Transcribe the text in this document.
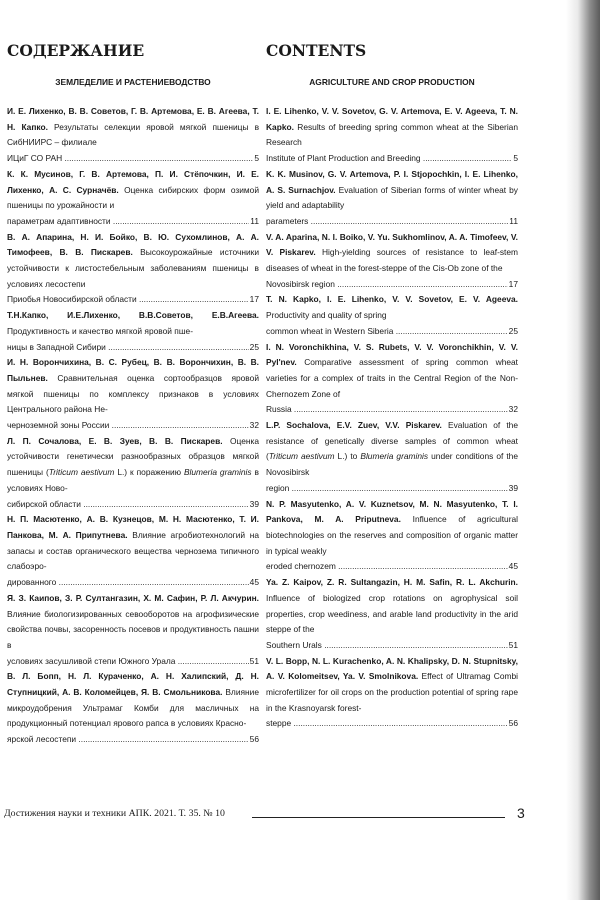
СОДЕРЖАНИЕ
ЗЕМЛЕДЕЛИЕ И РАСТЕНИЕВОДСТВО
И. Е. Лихенко, В. В. Советов, Г. В. Артемова, Е. В. Агеева, Т. Н. Капко. Результаты селекции яровой мягкой пшеницы в СибНИИРС – филиале
ИЦиГ СО РАН .....	5
К. К. Мусинов, Г. В. Артемова, П. И. Стёпочкин, И. Е. Лихенко, А. С. Сурначёв. Оценка сибирских форм озимой пшеницы по урожайности и
параметрам адаптивности .....	11
В. А. Апарина, Н. И. Бойко, В. Ю. Сухомлинов, А. А. Тимофеев, В. В. Пискарев. Высокоурожайные источники устойчивости к листостебельным заболеваниям пшеницы в условиях лесостепи
Приобья Новосибирской области .....	17
Т.Н.Капко, И.Е.Лихенко, В.В.Советов, Е.В.Агеева. Продуктивность и качество мягкой яровой пше-
ницы в Западной Сибири .....	25
И. Н. Ворончихина, В. С. Рубец, В. В. Ворончихин, В. В. Пыльнев. Сравнительная оценка сортообразцов яровой мягкой пшеницы по комплексу признаков в условиях Центрального района Не-
черноземной зоны России .....	32
Л. П. Сочалова, Е. В. Зуев, В. В. Пискарев. Оценка устойчивости генетически разнообразных образцов мягкой пшеницы (Triticum aestivum L.) к поражению Blumeria graminis в условиях Ново-
сибирской области .....	39
Н. П. Масютенко, А. В. Кузнецов, М. Н. Масютенко, Т. И. Панкова, М. А. Припутнева. Влияние агробиотехнологий на запасы и состав органического вещества чернозема типичного слабоэро-
дированного .....	45
Я. З. Каипов, З. Р. Султангазин, Х. М. Сафин, Р. Л. Акчурин. Влияние биологизированных севооборотов на агрофизические свойства почвы, засоренность посевов и продуктивность пашни в
условиях засушливой степи Южного Урала .....	51
В. Л. Бопп, Н. Л. Кураченко, А. Н. Халипский, Д. Н. Ступницкий, А. В. Коломейцев, Я. В. Смольникова. Влияние микроудобрения Ультрамаг Комби для масличных на продукционный потенциал ярового рапса в условиях Красно-
ярской лесостепи .....	56
CONTENTS
AGRICULTURE AND CROP PRODUCTION
I. E. Lihenko, V. V. Sovetov, G. V. Artemova, E. V. Ageeva, T. N. Kapko. Results of breeding spring common wheat at the Siberian Research
Institute of Plant Production and Breeding .....	5
K. K. Musinov, G. V. Artemova, P. I. Stjopochkin, I. E. Lihenko, A. S. Surnachjov. Evaluation of Siberian forms of winter wheat by yield and adaptability
parameters .....	11
V. A. Aparina, N. I. Boiko, V. Yu. Sukhomlinov, A. A. Timofeev, V. V. Piskarev. High-yielding sources of resistance to leaf-stem diseases of wheat in the forest-steppe of the Cis-Ob zone of the
Novosibirsk region .....	17
T. N. Kapko, I. E. Lihenko, V. V. Sovetov, E. V. Ageeva. Productivity and quality of spring
common wheat in Western Siberia .....	25
I. N. Voronchikhina, V. S. Rubets, V. V. Voronchikhin, V. V. Pyl'nev. Comparative assessment of spring common wheat varieties for a complex of traits in the Central Region of the Non-Chernozem Zone of
Russia .....	32
L.P. Sochalova, E.V. Zuev, V.V. Piskarev. Evaluation of the resistance of genetically diverse samples of common wheat (Triticum aestivum L.) to Blumeria graminis under conditions of the Novosibirsk
region .....	39
N. P. Masyutenko, A. V. Kuznetsov, M. N. Masyutenko, T. I. Pankova, M. A. Priputneva. Influence of agricultural biotechnologies on the reserves and composition of organic matter in typical weakly
eroded chernozem .....	45
Ya. Z. Kaipov, Z. R. Sultangazin, H. M. Safin, R. L. Akchurin. Influence of biologized crop rotations on agrophysical soil properties, crop weediness, and arable land productivity in the arid steppe of the
Southern Urals .....	51
V. L. Bopp, N. L. Kurachenko, A. N. Khalipsky, D. N. Stupnitsky, A. V. Kolomeitsev, Ya. V. Smolnikova. Effect of Ultramag Combi microfertilizer for oil crops on the production potential of spring rape in the Krasnoyarsk forest-
steppe .....	56
Достижения науки и техники АПК. 2021. Т. 35. № 10	3
